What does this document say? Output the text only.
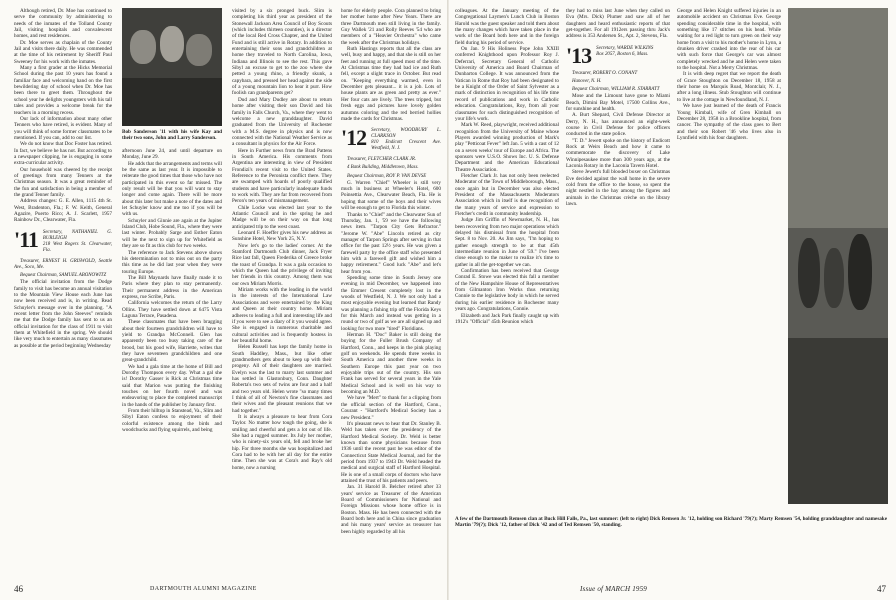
Although retired, Dr. Moe has continued to serve the community by administering to needs of the inmates of the Tolland County Jail, visiting hospitals and convalescent homes, and rest residences.

Dr. Moe serves as chaplain of the County Jail and visits there daily. He was commended at the time of his retirement by Sheriff Paul Sweeney for his work with the inmates.

Many a first grader at the Hicks Memorial School during the past 10 years has found a familiar face and welcoming hand on the first bewildering day of school when Dr. Moe has been there to greet them. Throughout the school year he delights youngsters with his tall tales and provides a welcome break for the teachers in a morning recess.

Our lack of information about many other Tenners who have retired, is evident. Many of you will think of some former classmates to be mentioned. If you can, add to our list.

We do not know that Doc Foster has retired. In fact, we believe he has not. But according to a newspaper clipping, he is engaging in some extra-curricular activity.

Our household was cheered by the receipt of greetings from many Tenners at the Christmas season. It was a great reminder of the fun and satisfaction in being a member of the grand Tenner family.

Address changes: G. E. Allen, 1115 4th St. West, Bradenton, Fla.; F. W. Keith, General Agazire, Puerto Rico; A. J. Scarlett, 1957 Rainbow Dr., Clearwater, Fla.

'11 Secretary, NATHANIEL G. BURLEIGH
218 West Rogers St. Clearwater, Fla.

Treasurer, ERNEST H. GRISWOLD, Seattle Ave., Soco, Me.

Bequest Chairman, SAMUEL ABONOWITZ

The official invitation from the Dodge family to visit has become an annual visitation to the Mountain View House each June has now been received and is, in writing. Read Schuyler's message over in the planning. "A recent letter from the John Steeves" reminds me that the Dodge family has sent to us an official invitation for the class of 1911 to visit them at Whitefield in the spring. We should like very much to entertain as many classmates as possible at the period beginning Wednesday

Bob Sanderson '11 with his wife Kay and their two sons, John and Larry Sanderson.

afternoon June 24, and until departure on Monday, June 29.

He adds that the arrangements and terms will be the same as last year. It is impossible to reiterate the good times that those who have not participated in this event so far missed. The only result will be that you will want to stay longer and come again. There will be more about this later but make a note of the dates and let Schuyler know and me too if you will be with us.

Schuyler and Ginnie are again at the Jupiter Island Club, Hobe Sound, Fla., where they were last winter. Probably Sarge and Esther Eaton will be the next to sign up for Whitefield as they are so fit as this club for two weeks.

The reference to Jack Stevens above shows his determination not to miss out on the party this time as he did last year when they were touring Europe.

The Bill Maynards have finally made it to Paris where they plan to stay permanently. Their permanent address in the American express, rue Scribe, Paris.

California welcomes the return of the Larry Ollins. They have settled down at 6475 Vista Laguna Terrace, Pasadena.

These classmates that have been bragging about their fourteen grandchildren will have to yield to Grandpa McConnell. Glen has apparently been too busy taking care of the brood, but his good wife, Harriette, writes that they have seventeen grandchildren and one great-grandchild.

We had a gala time at the home of Bill and Dorothy Thompson every day. What a gal she is! Dorothy Gasser is Rick at Christmas time said that Marion was putting the finishing touches on her fourth novel and was endeavoring to place the completed manuscript in the hands of the publisher by January first.

From their hilltop in Stanstead, Va., Slim and Sibyl Eaton confess to enjoyment of their colorful existence among the birds and woodchucks and flying squirrels, and being

visited by a six pronged buck. Slim is completing his third year as president of the Stonewall Jackson Area Council of Boy Scouts (which includes thirteen counties), is a director of the local Red Cross Chapter, and the United Fund and is still active in Rotary. In addition to entertaining their sons and grandchildren at home they traveled to North Carolina, Iowa, Indiana and Illinois to see the rest. This gave Sibyl an excuse to get to the zoo where she petted a young rhino, a friendly skunk, a capybara, and pressed her head against the side of a young mountain lion to hear it purr. How foolish can grandparents get?

Dud and Mary Dudley are about to return home after visiting their son David and his family in Falls Church, Va., where they went to welcome a new granddaughter. David graduated from the University of Rochester with a M.S. degree in physics and is now connected with the National Weather Service as a consultant in physics for the Air Force.

Here in Further news from the Brad Pattens in South America. His comments from Argentina are interesting in view of President Frondizi's recent visit to the United States. Reference to the Peronista conflict there. They are swamped with hoards of poorly qualified students and have particularly inadequate funds to work with. They are far from recovered from Peron's ten years of mismanagement.

Chile Locke was elected last year to the Atlantic Council and in the spring he and Madge will be on their way on that long anticipated trip to the west coast.

Leonard F. Hoeffer gives his new address as Sunshine Hotel, New York 25, N.Y.

Now let's go to the ladies' corner. At the Stamford Dartmouth Club dinner, Jack Fryer Rice last fall, Queen Frederika of Greece broke the toast of Grandpa. It was a gala occasion to which the Queen had the privilege of inviting her friends in this country. Among them was our own Miriam Morris.

Miriam works with the leading in the world in the interests of the International Law Associations and were entertained by the King and Queen at their country home. Miriam adheres to leading a full and interesting life and if you were to see a diary of it you would agree. She is engaged in numerous charitable and cultural activities and is frequently hostess in her beautiful home.

Helen Russell has kept the family home in South Haddley, Mass., but like other grandmothers gets about to keep up with their progeny. All of their daughters are married. Evelyn was the last to marry last summer and has settled in Glastonbury, Conn. Daughter Roberta's two sets of twins are four and a half and two years old. Helen wrote "so many times I think of all of Newton's fine classmates and their wives and the pleasant reunions that we had together."

It is always a pleasure to hear from Cora Taylor. No matter how tough the going, she is smiling and cheerful and gets a lot out of life. She had a rugged summer. Its July her mother, who is ninety-six years old, fell and broke her hip. For three months she was hospitalized and Cora had to be with her all day for the entire time. Then she was at Cora's and Ray's old home, now a nursing

home for elderly people. Cora planned to bring her mother home after New Years. There are three Dartmouth men still living in the family. Guy Wallek '21 and Rolly Reeves '54 who are members of a "Heavier Orchestra" who came the week after the Christmas holidays.

Ruth Hastings reports that all the class are well, busy and happy, and that she is still on her feet and running at full speed most of the time. At Christmas time they had bad ice and Ruth fell, except a slight trace in October. But read on. "Keeping everything warmed, even in December gets pleasant... it is a job. Lots of house plants are as green and pretty as ever." Her four cats are lively. The trees tripped, but fresh eggs and pictures have lovely golden autumns coloring and the red berried hollies made the cards for Christmas.

'12 Secretary, WOODBURY L. CLARKSON
810 Endicott Crescent Ave. Westfield, N. J.

Treasurer, FLETCHER CLARK JR.

4 Bank Building, Middletown, Mass.

Bequest Chairman, ROY P. VAN DEVSE

G. Warren "Chief" Wheeler is still very much in business at Wheeler's Hotel, 600 Poinsettia Ave., Clearwater Beach, Fla. He is hoping that some of the boys and their wives will be enough to get to Florida this winter.

Thanks to "Chief" and the Clearwater Sun of Thursday, Jan. 1, '59 we have the following news item. "Tarpon City Gets Refractor." "Jerome W. "Abe" Lincoln retired as city manager of Tarpon Springs after serving in that office for the past 12½ years. He was given a farewell party by the office staff who presented him with a farewell gift and wished him a happy retirement." Good luck "Abe" and let's hear from you.

Spending some time in South Jersey one evening in mid December, we happened into the Emmer Cresent completely lost in the woods of Westfield, N. J. We not only had a most enjoyable evening but learned that Randy was planning a fishing trip off the Florida Keys for this March and instead was getting in a round or two of golf as we are all signed up and looking for two more "tired" Floridians.

Herman H. "Doc" Baker is still doing the buying for the Fuller Brush Company of Hartford, Conn., and keeps in the pink playing golf on weekends. He spends three weeks in South America and another three weeks in Southern Europe this past year on two enjoyable trips out of the country. His son Frank has served for several years in the Yale Medical School and is well on his way to becoming an M.D.

We have "Mert" to thank for a clipping from the official section of the Hartford, Conn., Courant - "Hartford's Medical Society has a new President."

It's pleasant news to hear that Dr. Stanley B. Weld has taken over the presidency of the Hartford Medical Society. Dr. Weld is better known than some physicians because from 1936 until the recent past he was editor of the Connecticut State Medical Journal, and for the period from 1937 to 1943 Dr. Weld headed the medical and surgical staff of Hartford Hospital. He is one of a small corps of doctors who have attained the trust of his patients and peers.

Jan. 31 Harold B. Belcher retired after 33 years' service as Treasurer of the American Board of Commissioners for National and Foreign Missions whose home office is in Boston. Mass. He has been connected with the Board both here and in China since graduation and his many years' service as treasurer has been highly regarded by all his

46	DARTMOUTH ALUMNI MAGAZINE

colleagues. At the January meeting of the Congregational Laymen's Lunch Club in Boston Harold was the guest speaker and told them about the many changes which have taken place in the work of the Board both here and in the foreign field during his period of service.

On Jan. 9 His Holiness Pope John XXIII conferred Knighthood upon Professor Roy J. Deferrari, Secretary General of Catholic University of America and Board Chairman of Dunbarton College. It was announced from the Vatican in Rome that Roy had been designated to be a Knight of the Order of Saint Sylvester as a mark of distinction in recognition of his life time record of publications and work in Catholic education. Congratulations, Roy, from all your classmates for such distinguished recognition of your life's work.

Mark W. Reed, playwright, received additional recognition from the University of Maine whose Players awarded winning production of Mark's play "Petticoat Fever" left Jan. 5 with a cast of 12 on a seven weeks' tour of Europe and Africa. The sponsors were U.S.O. Shows Inc. U. S. Defense Department and the American Educational Theatre Association.

Fletcher Clark Jr. has not only been reelected Moderator of the Town of Middleborough, Mass., once again but in December was also elected President of the Massachusetts Moderators Association which in itself is due recognition of the many years of service and expression to Fletcher's credit in community leadership.

Judge Jim Griffin of Newmarket, N. H., has been recovering from two major operations which delayed his dismissal from the hospital from Sept. 8 to Nov. 20. As Jim says, "I'm hoping to gather enough strength to be at that 45th intermediate reunion in June of '59." I've been close enough to the maker to realize it's time to gather in all the get-together we can.

Confirmation has been received that George Conrad E. Stowe was elected this fall a member of the New Hampshire House of Representatives from Gilmanton Iron Works thus returning Connie to the legislative body in which he served during his earlier residence in Rochester many years ago. Congratulations, Connie.

Elizabeth and Jack Park finally caught up with 1912's "Official" 45th Reunion which

they had to miss last June when they called on Eva (Mrs. Dick) Plumer and saw all of her daughters and heard enthusiastic reports of that get-together. For all 1912ers passing thru Jack's address is 353 Andersen St., Apt. 2, Stevens, Fla.

'13 Secretary, WARDE WILKINS
Box 2057, Boston 6, Mass.

Treasurer, ROBERT O. CONANT

Hanover, N. H.

Bequest Chairman, WILLIAM R. STARRATT

Mose and the Limount have gone to Miami Beach, Dimini Bay Motel, 17500 Collins Ave., for sunshine and health.

A. Burt Shepard, Civil Defense Director at Derry, N. H., has announced an eight-week course in Civil Defense for police officers conducted in the state police.

"T. D." Jewett spoke on the history of Endicott Rock at Weirs Beach and how it came to commemorate the discovery of Lake Winnipesaukee more than 300 years ago, at the Laconia Rotary in the Laconia Tavern Hotel.

Steve Jewett's full blooded boxer on Christmas Eve decided against the wall home in the severe cold from the office to the house, so spent the night nestled in the hay among the figures and animals in the Christmas crèche on the library lawn.

George and Helen Knight suffered injuries in an automobile accident on Christmas Eve. George spending considerable time in the hospital, with something like 17 stitches on his head. While waiting for a red light to turn green on their way home from a visit to his mother's home in Lynn, a drunken driver crashed into the rear of his car with such force that George's car was almost completely wrecked and he and Helen were taken to the hospital. Not a Merry Christmas.

It is with deep regret that we report the death of Grace Stoughton on December 18, 1958 at their home on Marquis Road, Montclair, N. J., after a long illness. Stub Stoughton will continue to live at the cottage in Newfoundland, N. J.

We have just learned of the death of Francis Young Kimball, wife of Gren Kimball on December 28, 1958 in a Brookline hospital, from cancer. The sympathy of the class goes to Bert and their son Robert '46 who lives also in Lynnfield with his four daughters.

A few of the Dartmouth Remsen clan at Buck Hill Falls, Pa., last summer: (left to right) Dick Remsen Jr. '12, holding son Richard '79(?); Marty Remsen '54, holding granddaughter and namesake Martin '79(?); Dick '12, father of Dick '42 and of Ted Remsen '50, standing.
Issue of MARCH 1959	47
